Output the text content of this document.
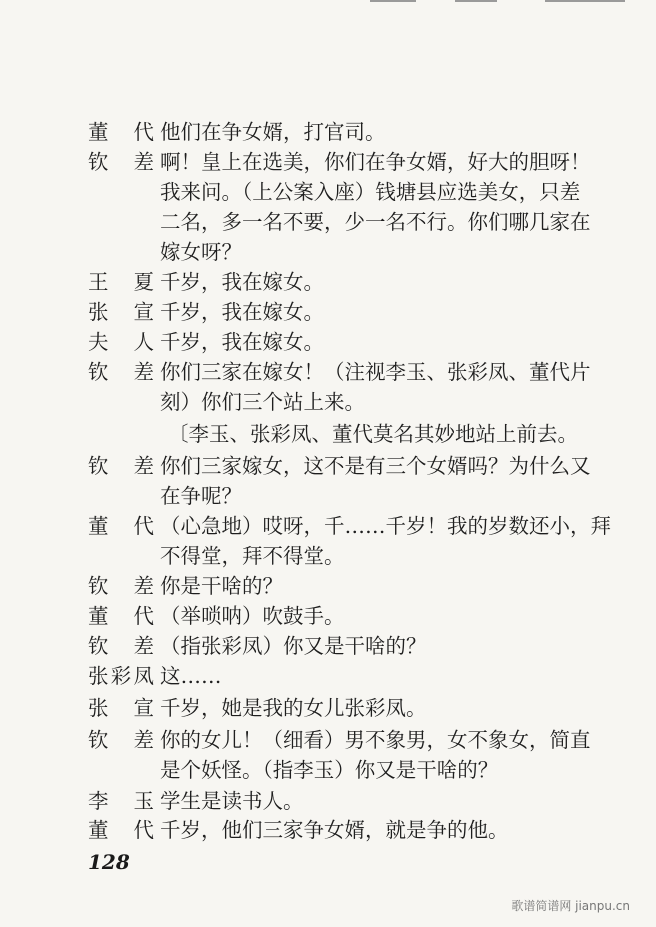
董 代 他们在争女婿，打官司。
钦 差 啊！皇上在选美，你们在争女婿，好大的胆呀！
我来问。（上公案入座）钱塘县应选美女，只差
二名，多一名不要，少一名不行。你们哪几家在
嫁女呀？
王 夏 千岁，我在嫁女。
张 宣 千岁，我在嫁女。
夫 人 千岁，我在嫁女。
钦 差 你们三家在嫁女！（注视李玉、张彩凤、董代片
刻）你们三个站上来。
〔李玉、张彩凤、董代莫名其妙地站上前去。
钦 差 你们三家嫁女，这不是有三个女婿吗？为什么又
在争呢？
董 代 （心急地）哎呀，千……千岁！我的岁数还小，拜
不得堂，拜不得堂。
钦 差 你是干啥的？
董 代 （举唢呐）吹鼓手。
钦 差 （指张彩凤）你又是干啥的？
张 彩 凤 这……
张 宣 千岁，她是我的女儿张彩凤。
钦 差 你的女儿！（细看）男不象男，女不象女，简直
是个妖怪。（指李玉）你又是干啥的？
李 玉 学生是读书人。
董 代 千岁，他们三家争女婿，就是争的他。
128
歌谱简谱网 jianpu.cn
